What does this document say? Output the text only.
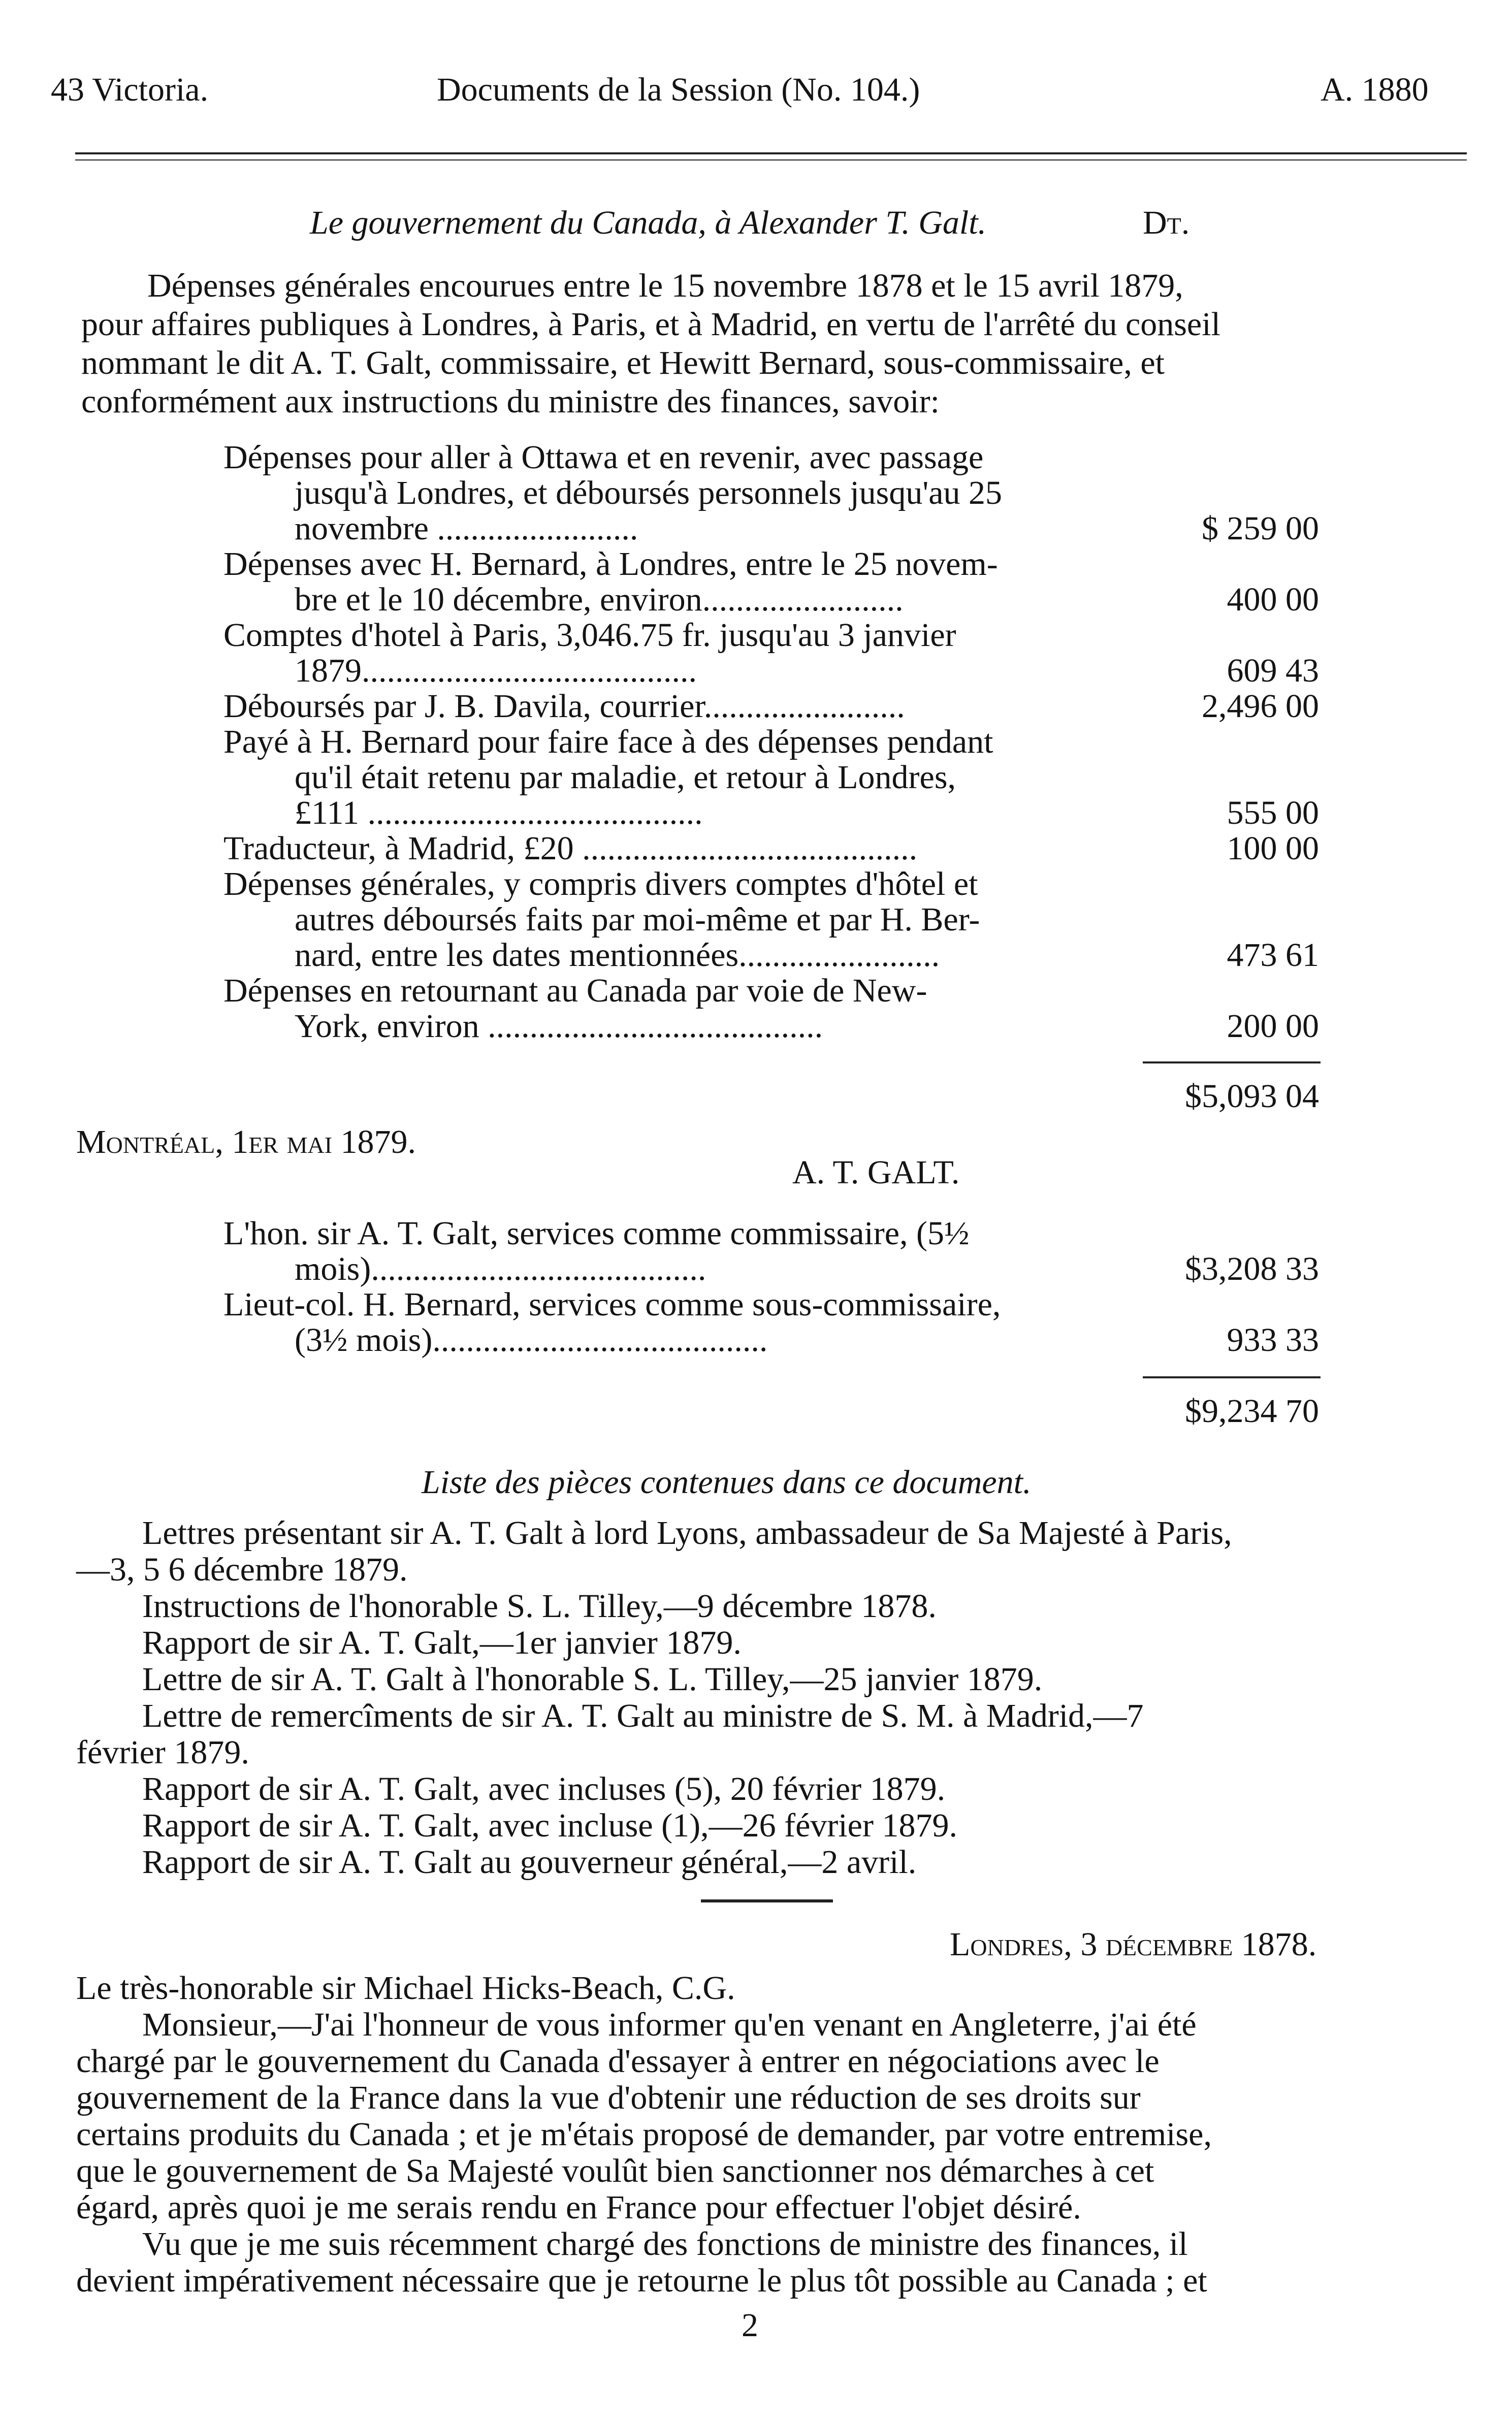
43 Victoria.	Documents de la Session (No. 104.)	A. 1880
Le gouvernement du Canada, à Alexander T. Galt.	Dt.
Dépenses générales encourues entre le 15 novembre 1878 et le 15 avril 1879,
pour affaires publiques à Londres, à Paris, et à Madrid, en vertu de l'arrêté du conseil
nommant le dit A. T. Galt, commissaire, et Hewitt Bernard, sous-commissaire, et
conformément aux instructions du ministre des finances, savoir:
Dépenses pour aller à Ottawa et en revenir, avec passage
jusqu'à Londres, et déboursés personnels jusqu'au 25
novembre ........................	$ 259 00
Dépenses avec H. Bernard, à Londres, entre le 25 novem-
bre et le 10 décembre, environ........................	400 00
Comptes d'hotel à Paris, 3,046.75 fr. jusqu'au 3 janvier
1879........................................	609 43
Déboursés par J. B. Davila, courrier........................	2,496 00
Payé à H. Bernard pour faire face à des dépenses pendant
qu'il était retenu par maladie, et retour à Londres,
£111 ........................................	555 00
Traducteur, à Madrid, £20 ........................................	100 00
Dépenses générales, y compris divers comptes d'hôtel et
autres déboursés faits par moi-même et par H. Ber-
nard, entre les dates mentionnées........................	473 61
Dépenses en retournant au Canada par voie de New-
York, environ ........................................	200 00
$5,093 04
Montréal, 1er mai 1879.
A. T. GALT.
L'hon. sir A. T. Galt, services comme commissaire, (5½
mois)........................................	$3,208 33
Lieut-col. H. Bernard, services comme sous-commissaire,
(3½ mois)........................................	933 33
$9,234 70
Liste des pièces contenues dans ce document.
Lettres présentant sir A. T. Galt à lord Lyons, ambassadeur de Sa Majesté à Paris,
—3, 5 6 décembre 1879.
Instructions de l'honorable S. L. Tilley,—9 décembre 1878.
Rapport de sir A. T. Galt,—1er janvier 1879.
Lettre de sir A. T. Galt à l'honorable S. L. Tilley,—25 janvier 1879.
Lettre de remercîments de sir A. T. Galt au ministre de S. M. à Madrid,—7
février 1879.
Rapport de sir A. T. Galt, avec incluses (5), 20 février 1879.
Rapport de sir A. T. Galt, avec incluse (1),—26 février 1879.
Rapport de sir A. T. Galt au gouverneur général,—2 avril.
Londres, 3 décembre 1878.
Le très-honorable sir Michael Hicks-Beach, C.G.
Monsieur,—J'ai l'honneur de vous informer qu'en venant en Angleterre, j'ai été
chargé par le gouvernement du Canada d'essayer à entrer en négociations avec le
gouvernement de la France dans la vue d'obtenir une réduction de ses droits sur
certains produits du Canada ; et je m'étais proposé de demander, par votre entremise,
que le gouvernement de Sa Majesté voulût bien sanctionner nos démarches à cet
égard, après quoi je me serais rendu en France pour effectuer l'objet désiré.
Vu que je me suis récemment chargé des fonctions de ministre des finances, il
devient impérativement nécessaire que je retourne le plus tôt possible au Canada ; et
2
